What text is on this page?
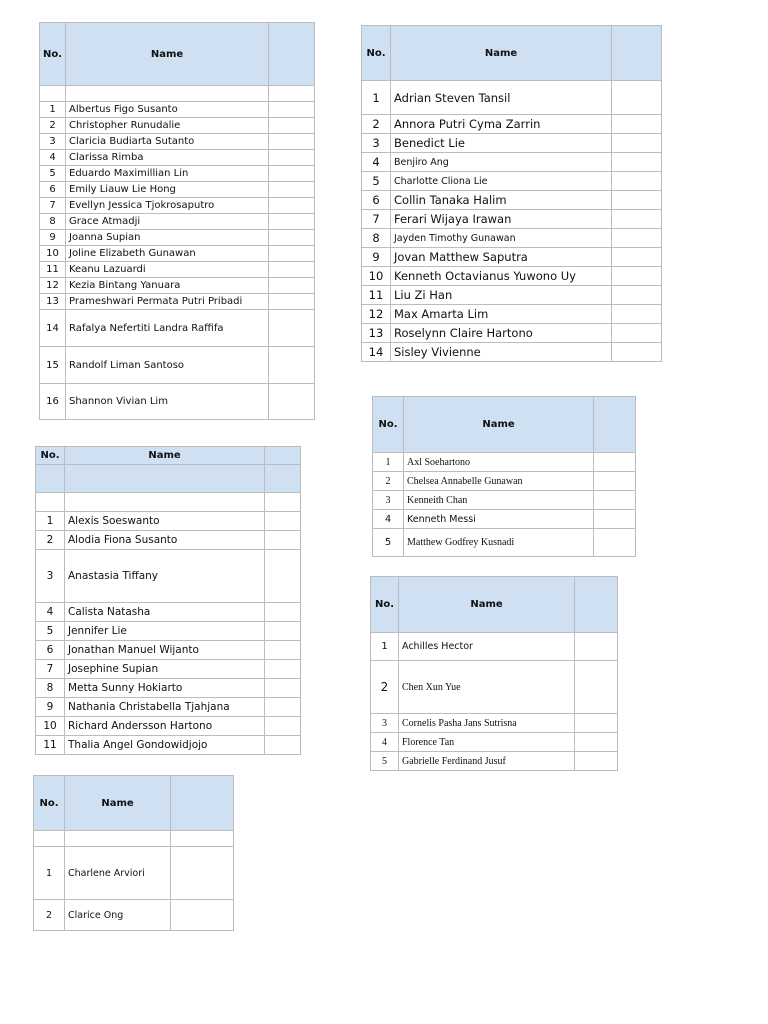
No.	Name	

1	Albertus Figo Susanto	
2	Christopher Runudalie	
3	Claricia Budiarta Sutanto	
4	Clarissa Rimba	
5	Eduardo Maximillian Lin	
6	Emily Liauw Lie Hong	
7	Evellyn Jessica Tjokrosaputro	
8	Grace Atmadji	
9	Joanna Supian	
10	Joline Elizabeth Gunawan	
11	Keanu Lazuardi	
12	Kezia Bintang Yanuara	
13	Prameshwari Permata Putri Pribadi	
14	Rafalya Nefertiti Landra Raffifa	
15	Randolf Liman Santoso	
16	Shannon Vivian Lim	
No.	Name	
1	Adrian Steven Tansil	
2	Annora Putri Cyma Zarrin	
3	Benedict Lie	
4	Benjiro Ang	
5	Charlotte Cliona Lie	
6	Collin Tanaka Halim	
7	Ferari Wijaya Irawan	
8	Jayden Timothy Gunawan	
9	Jovan Matthew Saputra	
10	Kenneth Octavianus Yuwono Uy	
11	Liu Zi Han	
12	Max Amarta Lim	
13	Roselynn Claire Hartono	
14	Sisley Vivienne	
No.	Name	

1	Alexis Soeswanto	
2	Alodia Fiona Susanto	
3	Anastasia Tiffany	
4	Calista Natasha	
5	Jennifer Lie	
6	Jonathan Manuel Wijanto	
7	Josephine Supian	
8	Metta Sunny Hokiarto	
9	Nathania Christabella Tjahjana	
10	Richard Andersson Hartono	
11	Thalia Angel Gondowidjojo	
No.	Name	
1	Axl Soehartono	
2	Chelsea Annabelle Gunawan	
3	Kenneith Chan	
4	Kenneth Messi	
5	Matthew Godfrey Kusnadi	
No.	Name	
1	Achilles Hector	
2	Chen Xun Yue	
3	Cornelis Pasha Jans Sutrisna	
4	Florence Tan	
5	Gabrielle Ferdinand Jusuf	
No.	Name	

1	Charlene Arviori	
2	Clarice Ong	
